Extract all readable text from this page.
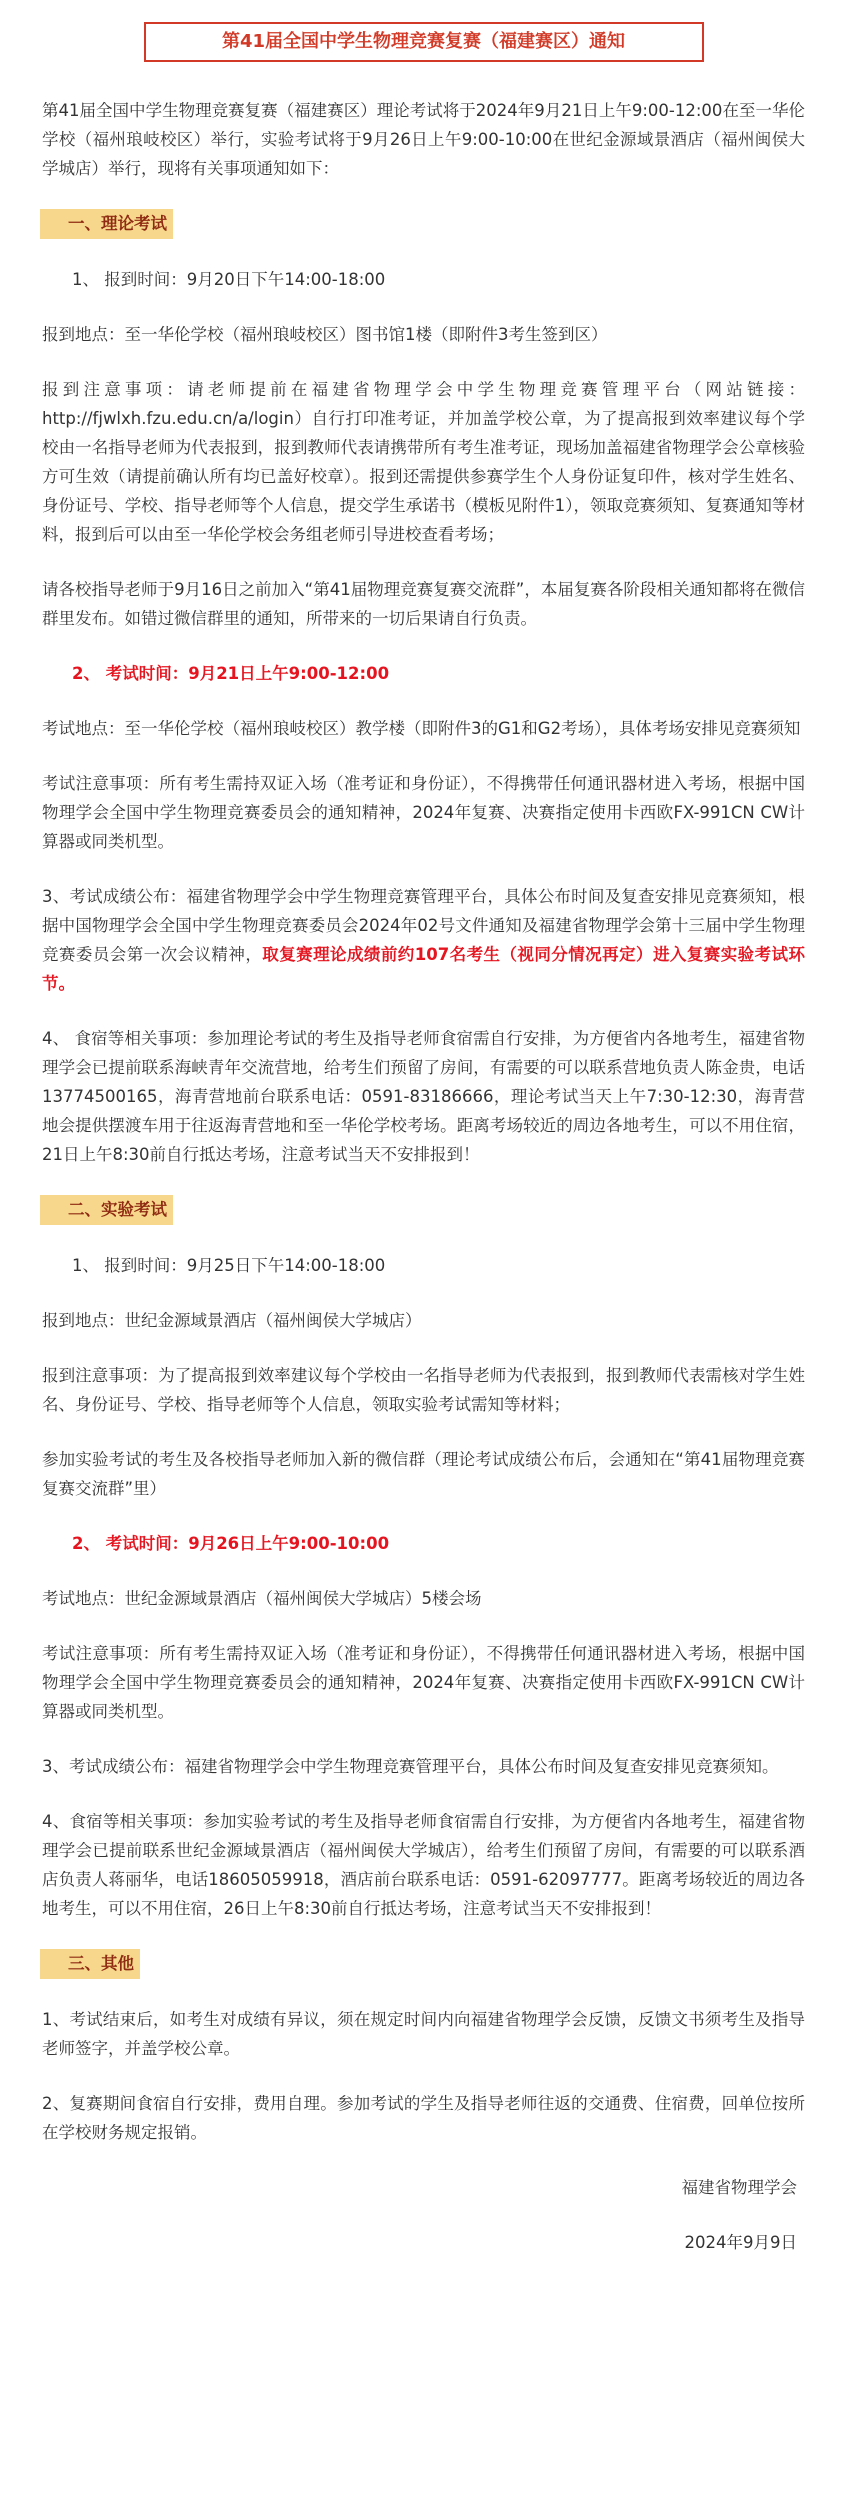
第41届全国中学生物理竞赛复赛（福建赛区）通知

第41届全国中学生物理竞赛复赛（福建赛区）理论考试将于2024年9月21日上午9:00-12:00在至一华伦学校（福州琅岐校区）举行，实验考试将于9月26日上午9:00-10:00在世纪金源域景酒店（福州闽侯大学城店）举行，现将有关事项通知如下：

一、理论考试

1、 报到时间：9月20日下午14:00-18:00

报到地点：至一华伦学校（福州琅岐校区）图书馆1楼（即附件3考生签到区）

报到注意事项：请老师提前在福建省物理学会中学生物理竞赛管理平台（网站链接：http://fjwlxh.fzu.edu.cn/a/login）自行打印准考证，并加盖学校公章，为了提高报到效率建议每个学校由一名指导老师为代表报到，报到教师代表请携带所有考生准考证，现场加盖福建省物理学会公章核验方可生效（请提前确认所有均已盖好校章）。报到还需提供参赛学生个人身份证复印件，核对学生姓名、身份证号、学校、指导老师等个人信息，提交学生承诺书（模板见附件1），领取竞赛须知、复赛通知等材料，报到后可以由至一华伦学校会务组老师引导进校查看考场；

请各校指导老师于9月16日之前加入“第41届物理竞赛复赛交流群”，本届复赛各阶段相关通知都将在微信群里发布。如错过微信群里的通知，所带来的一切后果请自行负责。

2、 考试时间：9月21日上午9:00-12:00

考试地点：至一华伦学校（福州琅岐校区）教学楼（即附件3的G1和G2考场），具体考场安排见竞赛须知

考试注意事项：所有考生需持双证入场（准考证和身份证），不得携带任何通讯器材进入考场，根据中国物理学会全国中学生物理竞赛委员会的通知精神，2024年复赛、决赛指定使用卡西欧FX-991CN CW计算器或同类机型。

3、考试成绩公布：福建省物理学会中学生物理竞赛管理平台，具体公布时间及复查安排见竞赛须知，根据中国物理学会全国中学生物理竞赛委员会2024年02号文件通知及福建省物理学会第十三届中学生物理竞赛委员会第一次会议精神，取复赛理论成绩前约107名考生（视同分情况再定）进入复赛实验考试环节。

4、 食宿等相关事项：参加理论考试的考生及指导老师食宿需自行安排，为方便省内各地考生，福建省物理学会已提前联系海峡青年交流营地，给考生们预留了房间，有需要的可以联系营地负责人陈金贵，电话13774500165，海青营地前台联系电话：0591-83186666，理论考试当天上午7:30-12:30，海青营地会提供摆渡车用于往返海青营地和至一华伦学校考场。距离考场较近的周边各地考生，可以不用住宿，21日上午8:30前自行抵达考场，注意考试当天不安排报到！

二、实验考试

1、 报到时间：9月25日下午14:00-18:00

报到地点：世纪金源域景酒店（福州闽侯大学城店）

报到注意事项：为了提高报到效率建议每个学校由一名指导老师为代表报到，报到教师代表需核对学生姓名、身份证号、学校、指导老师等个人信息，领取实验考试需知等材料；

参加实验考试的考生及各校指导老师加入新的微信群（理论考试成绩公布后，会通知在“第41届物理竞赛复赛交流群”里）

2、 考试时间：9月26日上午9:00-10:00

考试地点：世纪金源域景酒店（福州闽侯大学城店）5楼会场

考试注意事项：所有考生需持双证入场（准考证和身份证），不得携带任何通讯器材进入考场，根据中国物理学会全国中学生物理竞赛委员会的通知精神，2024年复赛、决赛指定使用卡西欧FX-991CN CW计算器或同类机型。

3、考试成绩公布：福建省物理学会中学生物理竞赛管理平台，具体公布时间及复查安排见竞赛须知。

4、食宿等相关事项：参加实验考试的考生及指导老师食宿需自行安排，为方便省内各地考生，福建省物理学会已提前联系世纪金源域景酒店（福州闽侯大学城店），给考生们预留了房间，有需要的可以联系酒店负责人蒋丽华，电话18605059918，酒店前台联系电话：0591-62097777。距离考场较近的周边各地考生，可以不用住宿，26日上午8:30前自行抵达考场，注意考试当天不安排报到！

三、其他

1、考试结束后，如考生对成绩有异议，须在规定时间内向福建省物理学会反馈，反馈文书须考生及指导老师签字，并盖学校公章。

2、复赛期间食宿自行安排，费用自理。参加考试的学生及指导老师往返的交通费、住宿费，回单位按所在学校财务规定报销。

福建省物理学会

2024年9月9日
